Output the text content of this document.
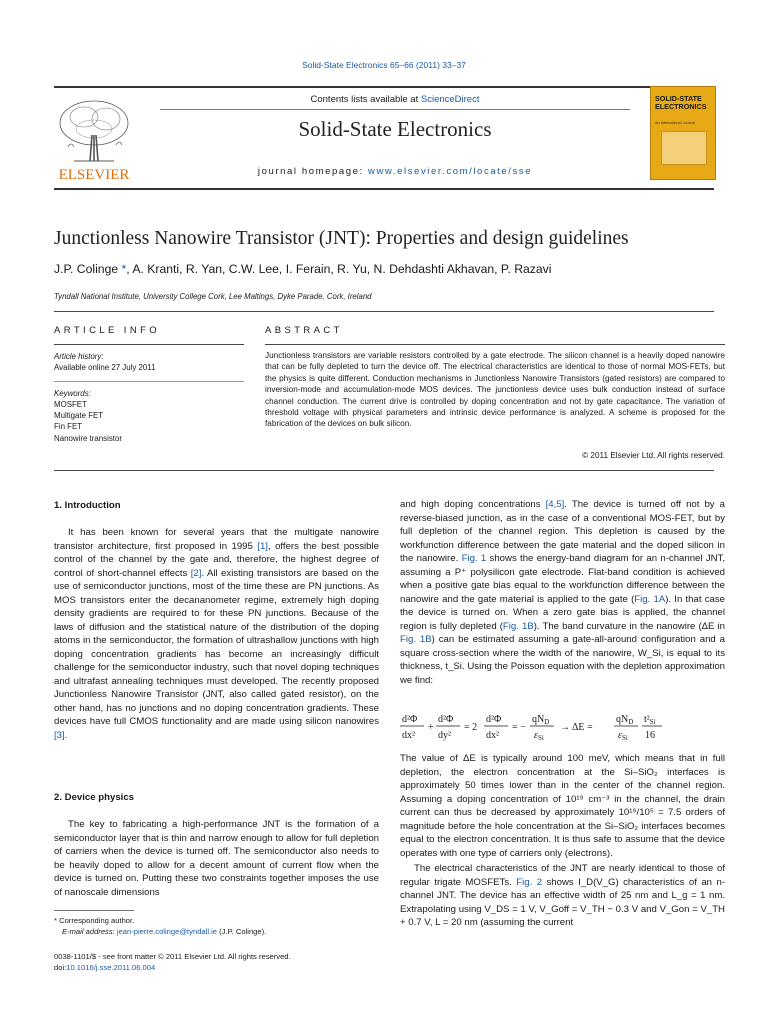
Solid-State Electronics 65–66 (2011) 33–37
ELSEVIER
Contents lists available at ScienceDirect
Solid-State Electronics
journal homepage: www.elsevier.com/locate/sse
SOLID-STATE ELECTRONICS
An International Journal
Junctionless Nanowire Transistor (JNT): Properties and design guidelines
J.P. Colinge *, A. Kranti, R. Yan, C.W. Lee, I. Ferain, R. Yu, N. Dehdashti Akhavan, P. Razavi
Tyndall National Institute, University College Cork, Lee Maltings, Dyke Parade, Cork, Ireland
ARTICLE INFO
Article history:
Available online 27 July 2011
Keywords:
MOSFET
Multigate FET
Fin FET
Nanowire transistor
ABSTRACT
Junctionless transistors are variable resistors controlled by a gate electrode. The silicon channel is a heavily doped nanowire that can be fully depleted to turn the device off. The electrical characteristics are identical to those of normal MOS-FETs, but the physics is quite different. Conduction mechanisms in Junctionless Nanowire Transistors (gated resistors) are compared to inversion-mode and accumulation-mode MOS devices. The junctionless device uses bulk conduction instead of surface channel conduction. The current drive is controlled by doping concentration and not by gate capacitance. The variation of threshold voltage with physical parameters and intrinsic device performance is analyzed. A scheme is proposed for the fabrication of the devices on bulk silicon.
© 2011 Elsevier Ltd. All rights reserved.
1. Introduction

It has been known for several years that the multigate nanowire transistor architecture, first proposed in 1995 [1], offers the best possible control of the channel by the gate and, therefore, the highest degree of control of short-channel effects [2]. All existing transistors are based on the use of semiconductor junctions, most of the time these are PN junctions. As MOS transistors enter the decananometer regime, extremely high doping density gradients are required to for these PN junctions. Because of the laws of diffusion and the statistical nature of the distribution of the doping atoms in the semiconductor, the formation of ultrashallow junctions with high doping concentration gradients has become an increasingly difficult challenge for the semiconductor industry, such that novel doping techniques and ultrafast annealing techniques must developed. The recently proposed Junctionless Nanowire Transistor (JNT, also called gated resistor), on the other hand, has no junctions and no doping concentration gradients. These devices have full CMOS functionality and are made using silicon nanowires [3].

2. Device physics

The key to fabricating a high-performance JNT is the formation of a semiconductor layer that is thin and narrow enough to allow for full depletion of carriers when the device is turned off. The semiconductor also needs to be heavily doped to allow for a decent amount of current flow when the device is turned on. Putting these two constraints together imposes the use of nanoscale dimensions

and high doping concentrations [4,5]. The device is turned off not by a reverse-biased junction, as in the case of a conventional MOS-FET, but by full depletion of the channel region. This depletion is caused by the workfunction difference between the gate material and the doped silicon in the nanowire. Fig. 1 shows the energy-band diagram for an n-channel JNT, assuming a P⁺ polysilicon gate electrode. Flat-band condition is achieved when a positive gate bias equal to the workfunction difference between the nanowire and the gate material is applied to the gate (Fig. 1A). In that case the device is turned on. When a zero gate bias is applied, the channel region is fully depleted (Fig. 1B). The band curvature in the nanowire (ΔE in Fig. 1B) can be estimated assuming a gate-all-around configuration and a square cross-section where the width of the nanowire, W_Si, is equal to its thickness, t_Si. Using the Poisson equation with the depletion approximation we find:

d²Φ
dx²
+
d²Φ
dy²
= 2
d²Φ
dx²
= −
$qN_D$
$\varepsilon_{Si}$
→ ΔE =
$qN_D$
$\varepsilon_{Si}$
$t^2_{Si}$
16

The value of ΔE is typically around 100 meV, which means that in full depletion, the electron concentration at the Si–SiO₂ interfaces is approximately 50 times lower than in the center of the channel region. Assuming a doping concentration of 10¹⁹ cm⁻³ in the channel, the drain current can thus be decreased by approximately 10¹⁹/10⁵ = 7.5 orders of magnitude before the hole concentration at the Si–SiO₂ interfaces becomes equal to the electron concentration. It is thus safe to assume that the device operates with one type of carriers only (electrons).

The electrical characteristics of the JNT are nearly identical to those of regular trigate MOSFETs. Fig. 2 shows I_D(V_G) characteristics of an n-channel JNT. The device has an effective width of 25 nm and L_g = 1 nm. Extrapolating using V_DS = 1 V, V_Goff = V_TH − 0.3 V and V_Gon = V_TH + 0.7 V, L = 20 nm (assuming the current

* Corresponding author.
E-mail address: jean-pierre.colinge@tyndall.ie (J.P. Colinge).
0038-1101/$ - see front matter © 2011 Elsevier Ltd. All rights reserved.
doi:10.1016/j.sse.2011.06.004
